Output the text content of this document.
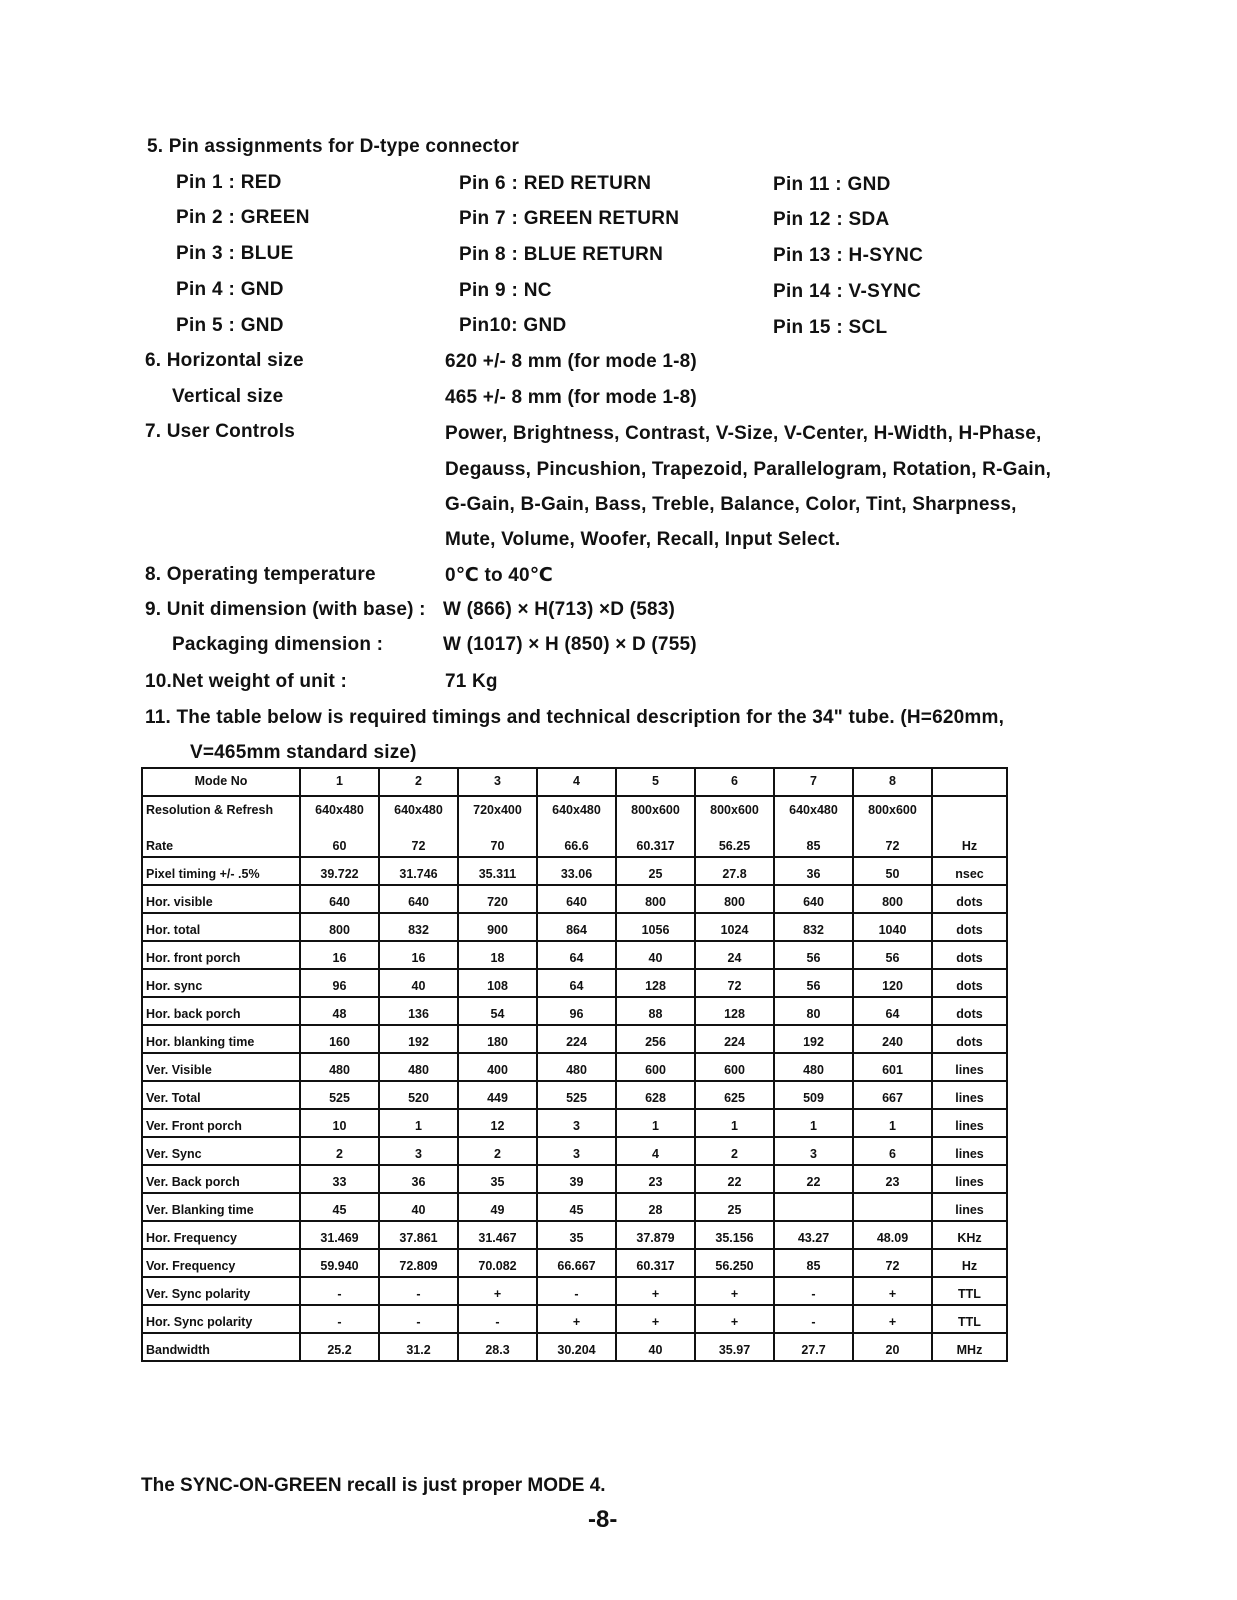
5. Pin assignments for D-type connector
Pin 1 : RED
Pin 2 : GREEN
Pin 3 : BLUE
Pin 4 : GND
Pin 5 : GND
Pin 6 : RED RETURN
Pin 7 : GREEN RETURN
Pin 8 : BLUE RETURN
Pin 9 : NC
Pin10: GND
Pin 11 : GND
Pin 12 : SDA
Pin 13 : H-SYNC
Pin 14 : V-SYNC
Pin 15 : SCL
6. Horizontal size	620 +/- 8 mm (for mode 1-8)
Vertical size	465 +/- 8 mm (for mode 1-8)
7. User Controls	Power, Brightness, Contrast, V-Size, V-Center, H-Width, H-Phase,
Degauss, Pincushion, Trapezoid, Parallelogram, Rotation, R-Gain,
G-Gain, B-Gain, Bass, Treble, Balance, Color, Tint, Sharpness,
Mute, Volume, Woofer, Recall, Input Select.
8. Operating temperature	0℃ to 40℃
9. Unit dimension (with base) : W (866) × H(713) ×D (583)
Packaging dimension :	W (1017) × H (850) × D (755)
10.Net weight of unit :	71 Kg
11. The table below is required timings and technical description for the 34" tube. (H=620mm,
V=465mm standard size)
Mode No	1	2	3	4	5	6	7	8	
Resolution & Refresh	640x480	640x480	720x400	640x480	800x600	800x600	640x480	800x600	
Rate	60	72	70	66.6	60.317	56.25	85	72	Hz
Pixel timing +/- .5%	39.722	31.746	35.311	33.06	25	27.8	36	50	nsec
Hor. visible	640	640	720	640	800	800	640	800	dots
Hor. total	800	832	900	864	1056	1024	832	1040	dots
Hor. front porch	16	16	18	64	40	24	56	56	dots
Hor. sync	96	40	108	64	128	72	56	120	dots
Hor. back porch	48	136	54	96	88	128	80	64	dots
Hor. blanking time	160	192	180	224	256	224	192	240	dots
Ver. Visible	480	480	400	480	600	600	480	601	lines
Ver. Total	525	520	449	525	628	625	509	667	lines
Ver. Front porch	10	1	12	3	1	1	1	1	lines
Ver. Sync	2	3	2	3	4	2	3	6	lines
Ver. Back porch	33	36	35	39	23	22	22	23	lines
Ver. Blanking time	45	40	49	45	28	25			lines
Hor. Frequency	31.469	37.861	31.467	35	37.879	35.156	43.27	48.09	KHz
Vor. Frequency	59.940	72.809	70.082	66.667	60.317	56.250	85	72	Hz
Ver. Sync polarity	-	-	+	-	+	+	-	+	TTL
Hor. Sync polarity	-	-	-	+	+	+	-	+	TTL
Bandwidth	25.2	31.2	28.3	30.204	40	35.97	27.7	20	MHz
The SYNC-ON-GREEN recall is just proper MODE 4.
-8-
